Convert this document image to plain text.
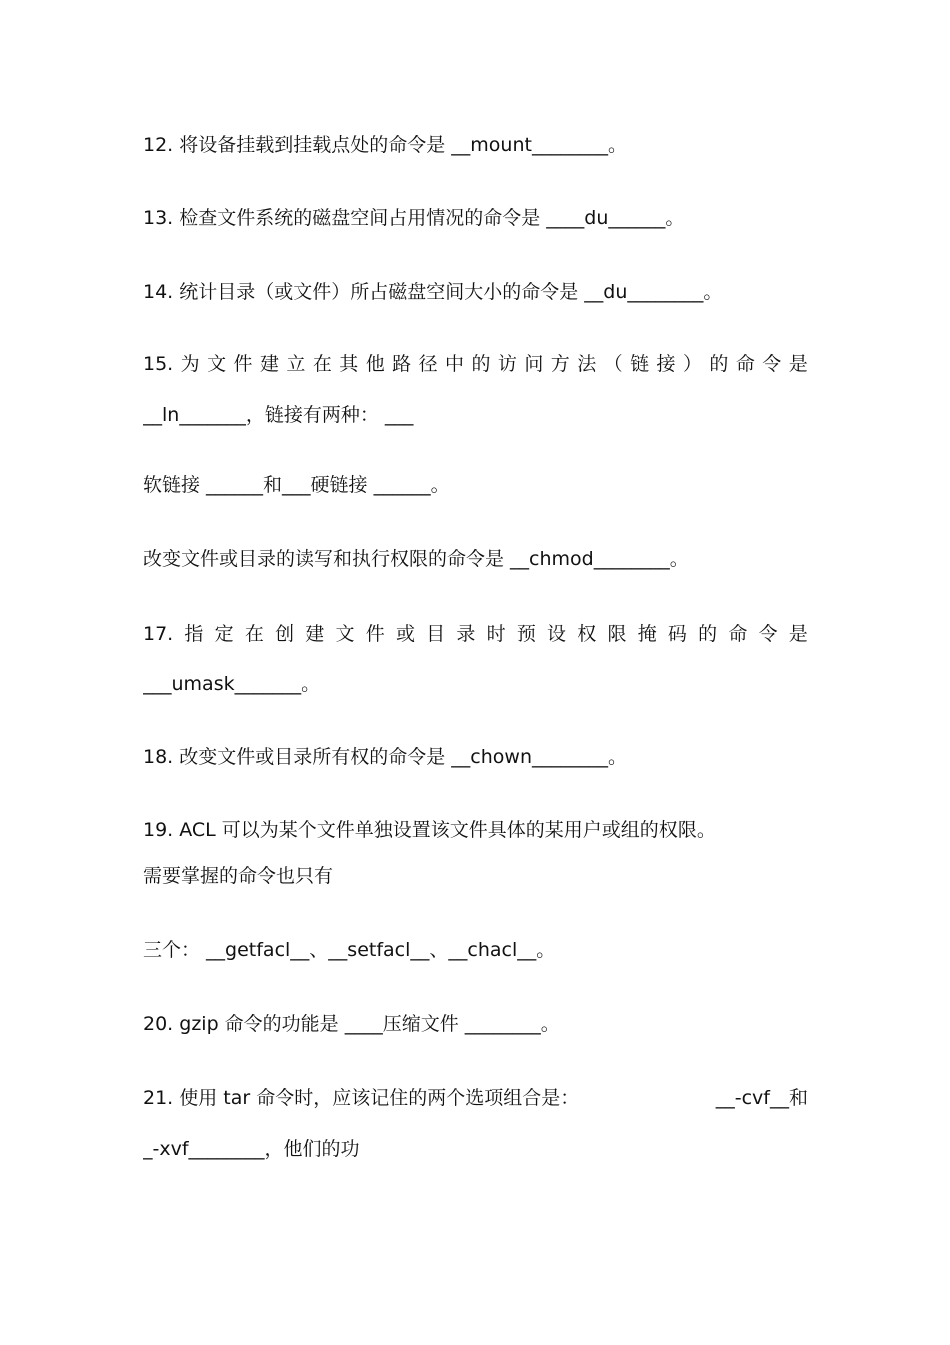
12. 将设备挂载到挂载点处的命令是 __mount________。
13. 检查文件系统的磁盘空间占用情况的命令是 ____du______。
14. 统计目录（或文件）所占磁盘空间大小的命令是 __du________。
15. 为 文 件 建 立 在 其 他 路 径 中 的 访 问 方 法 （ 链 接 ） 的 命 令 是
__ln_______，链接有两种： ___
软链接 ______和___硬链接 ______。
改变文件或目录的读写和执行权限的命令是 __chmod________。
17. 指 定 在 创 建 文 件 或 目 录 时 预 设 权 限 掩 码 的 命 令 是
___umask_______。
18. 改变文件或目录所有权的命令是 __chown________。
19. ACL 可以为某个文件单独设置该文件具体的某用户或组的权限。
需要掌握的命令也只有
三个： __getfacl__、__setfacl__、__chacl__。
20. gzip 命令的功能是 ____压缩文件 ________。
21. 使用 tar 命令时，应该记住的两个选项组合是：	__-cvf__和
_-xvf________，他们的功
